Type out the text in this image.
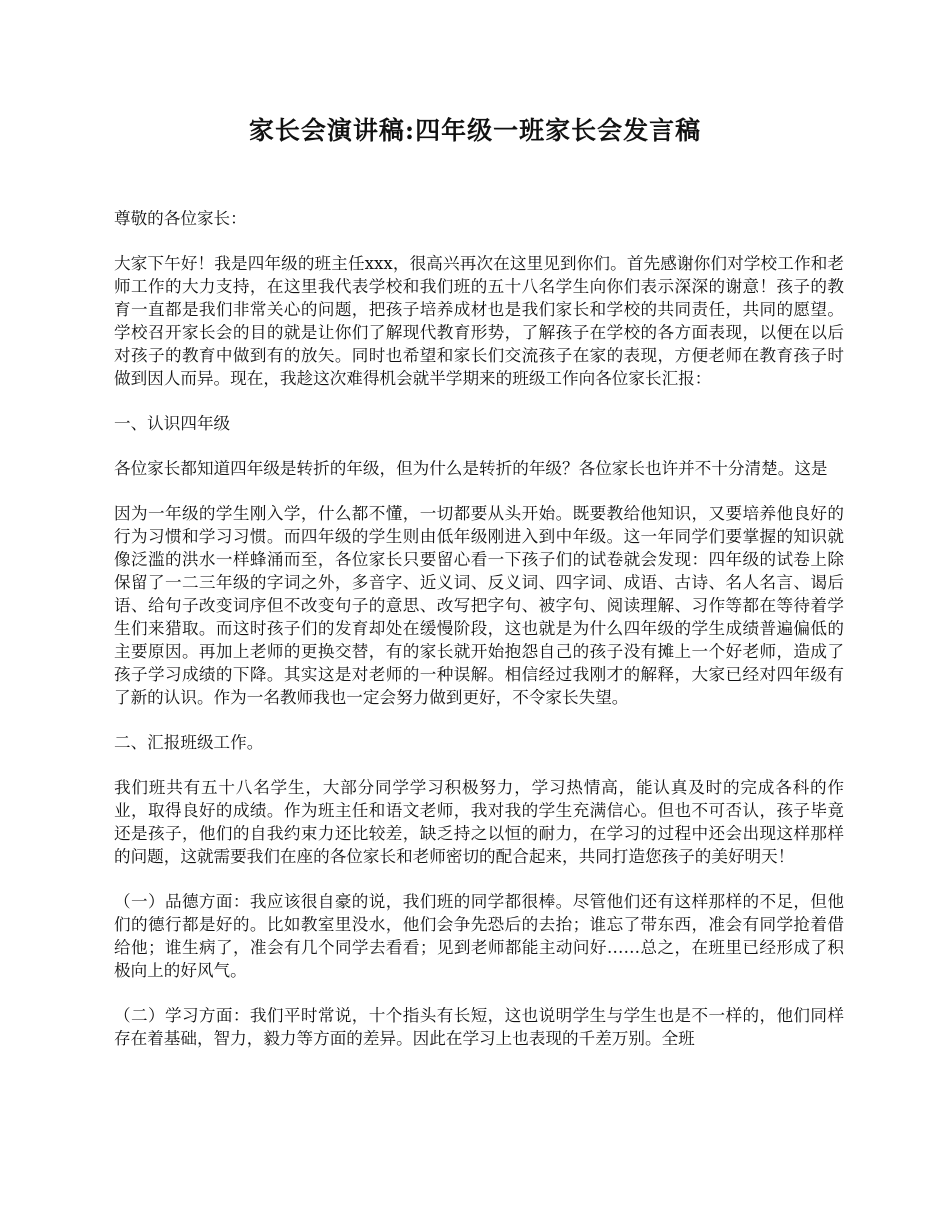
家长会演讲稿:四年级一班家长会发言稿

尊敬的各位家长：

大家下午好！我是四年级的班主任xxx，很高兴再次在这里见到你们。首先感谢你们对学校工作和老师工作的大力支持，在这里我代表学校和我们班的五十八名学生向你们表示深深的谢意！孩子的教育一直都是我们非常关心的问题，把孩子培养成材也是我们家长和学校的共同责任，共同的愿望。学校召开家长会的目的就是让你们了解现代教育形势，了解孩子在学校的各方面表现，以便在以后对孩子的教育中做到有的放矢。同时也希望和家长们交流孩子在家的表现，方便老师在教育孩子时做到因人而异。现在，我趁这次难得机会就半学期来的班级工作向各位家长汇报：

一、认识四年级

各位家长都知道四年级是转折的年级，但为什么是转折的年级？各位家长也许并不十分清楚。这是

因为一年级的学生刚入学，什么都不懂，一切都要从头开始。既要教给他知识，又要培养他良好的行为习惯和学习习惯。而四年级的学生则由低年级刚进入到中年级。这一年同学们要掌握的知识就像泛滥的洪水一样蜂涌而至，各位家长只要留心看一下孩子们的试卷就会发现：四年级的试卷上除保留了一二三年级的字词之外，多音字、近义词、反义词、四字词、成语、古诗、名人名言、谒后语、给句子改变词序但不改变句子的意思、改写把字句、被字句、阅读理解、习作等都在等待着学生们来猎取。而这时孩子们的发育却处在缓慢阶段，这也就是为什么四年级的学生成绩普遍偏低的主要原因。再加上老师的更换交替，有的家长就开始抱怨自己的孩子没有摊上一个好老师，造成了孩子学习成绩的下降。其实这是对老师的一种误解。相信经过我刚才的解释，大家已经对四年级有了新的认识。作为一名教师我也一定会努力做到更好，不令家长失望。

二、汇报班级工作。

我们班共有五十八名学生，大部分同学学习积极努力，学习热情高，能认真及时的完成各科的作业，取得良好的成绩。作为班主任和语文老师，我对我的学生充满信心。但也不可否认，孩子毕竟还是孩子，他们的自我约束力还比较差，缺乏持之以恒的耐力，在学习的过程中还会出现这样那样的问题，这就需要我们在座的各位家长和老师密切的配合起来，共同打造您孩子的美好明天！

（一）品德方面：我应该很自豪的说，我们班的同学都很棒。尽管他们还有这样那样的不足，但他们的德行都是好的。比如教室里没水，他们会争先恐后的去抬；谁忘了带东西，准会有同学抢着借给他；谁生病了，准会有几个同学去看看；见到老师都能主动问好……总之，在班里已经形成了积极向上的好风气。

（二）学习方面：我们平时常说，十个指头有长短，这也说明学生与学生也是不一样的，他们同样存在着基础，智力，毅力等方面的差异。因此在学习上也表现的千差万别。全班
